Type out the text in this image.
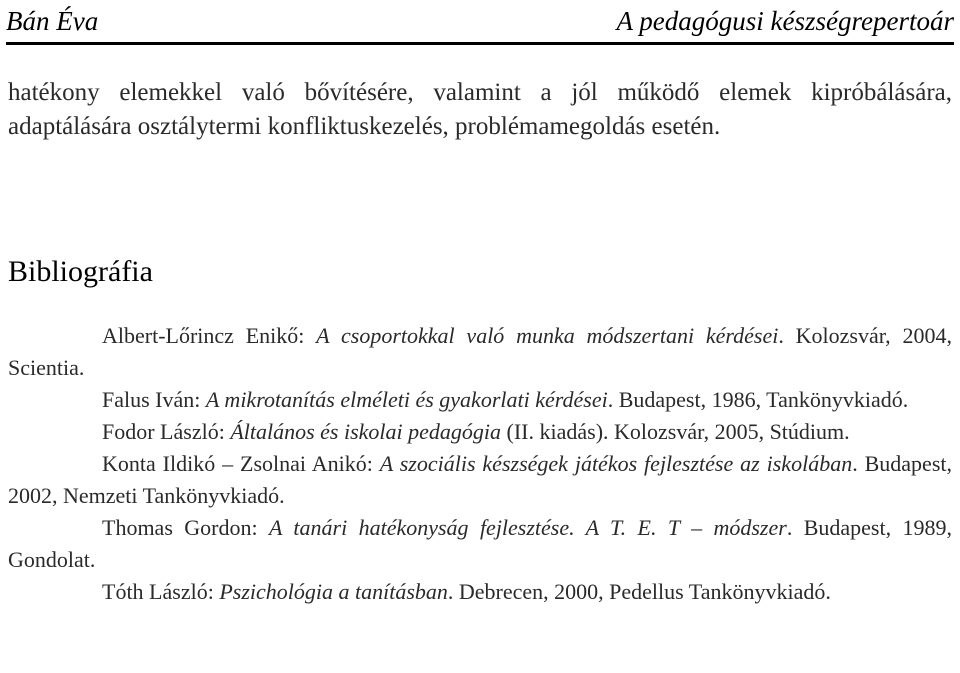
Bán Éva	A pedagógusi készségrepertoár
hatékony elemekkel való bővítésére, valamint a jól működő elemek kipróbálására, adaptálására osztálytermi konfliktuskezelés, problémamegoldás esetén.
Bibliográfia

Albert-Lőrincz Enikő: A csoportokkal való munka módszertani kérdései. Kolozsvár, 2004, Scientia.

Falus Iván: A mikrotanítás elméleti és gyakorlati kérdései. Budapest, 1986, Tankönyvkiadó.

Fodor László: Általános és iskolai pedagógia (II. kiadás). Kolozsvár, 2005, Stúdium.

Konta Ildikó – Zsolnai Anikó: A szociális készségek játékos fejlesztése az iskolában. Budapest, 2002, Nemzeti Tankönyvkiadó.

Thomas Gordon: A tanári hatékonyság fejlesztése. A T. E. T – módszer. Budapest, 1989, Gondolat.

Tóth László: Pszichológia a tanításban. Debrecen, 2000, Pedellus Tankönyvkiadó.
